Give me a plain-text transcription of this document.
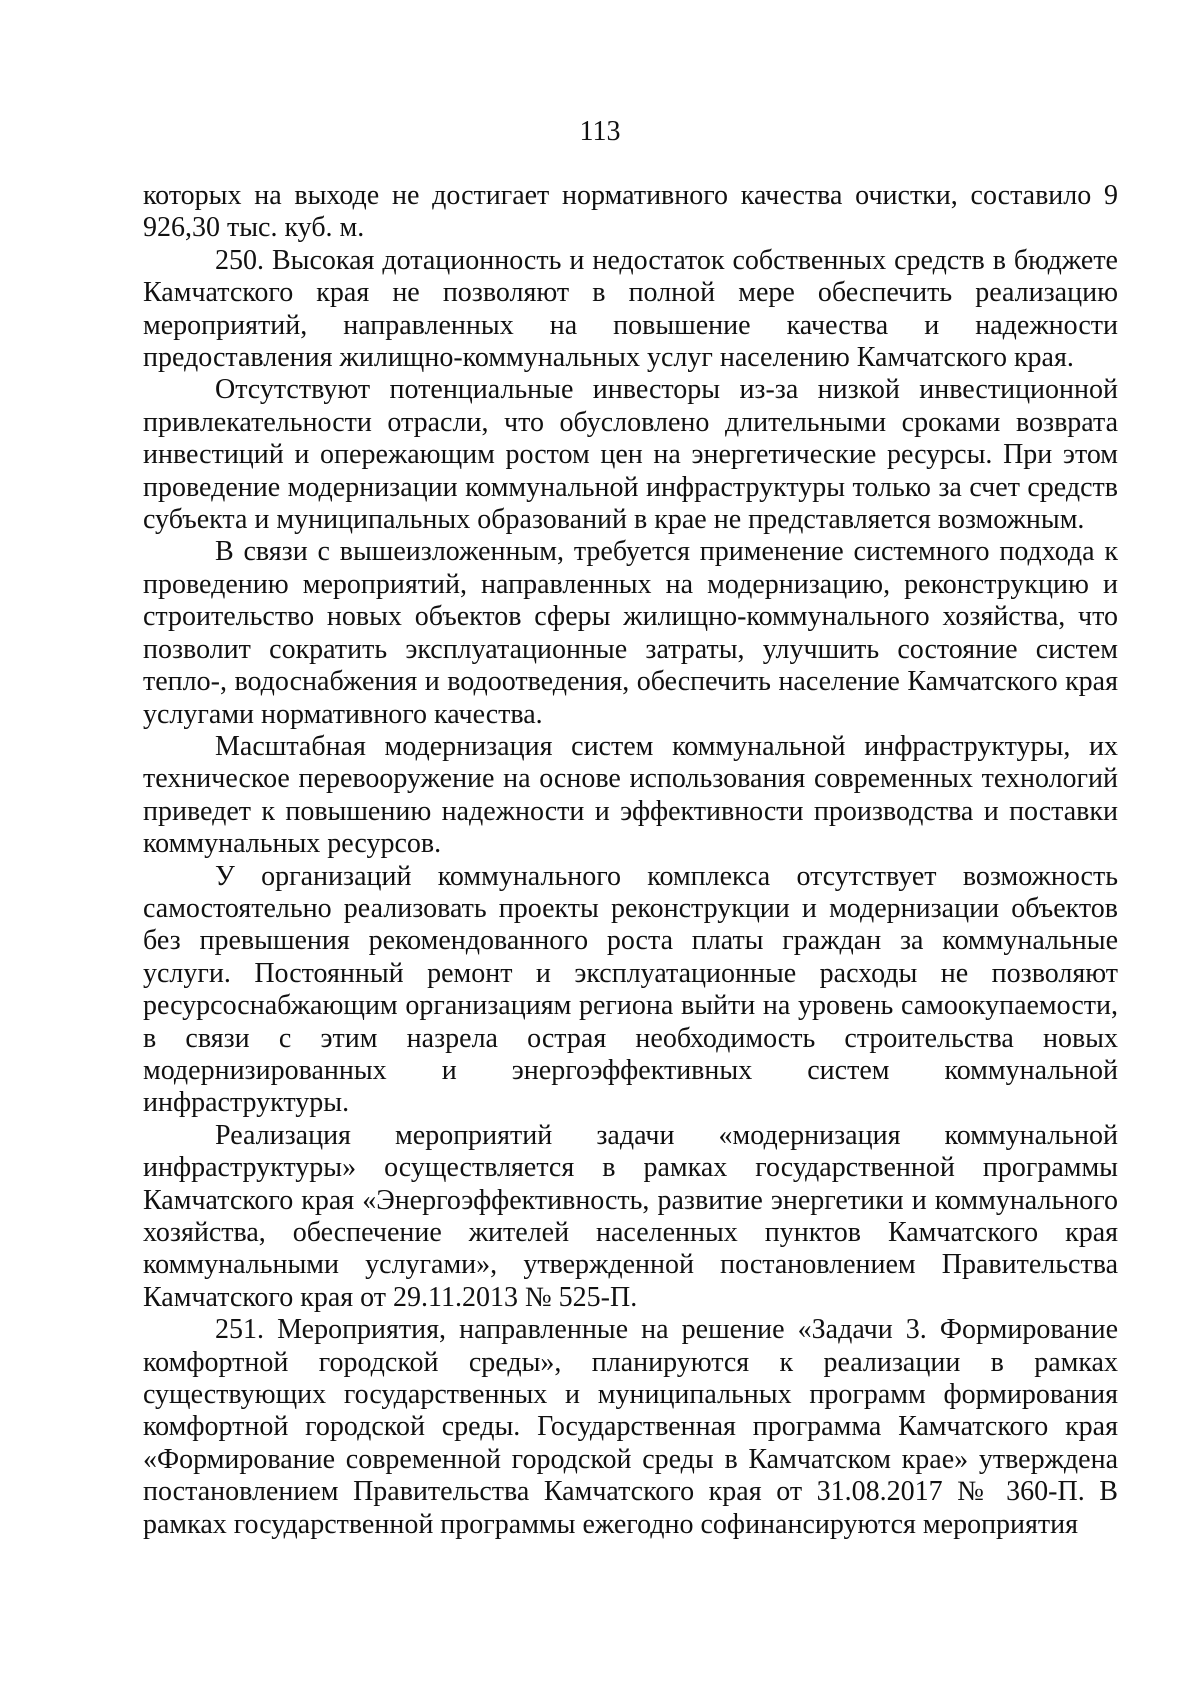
113

которых на выходе не достигает нормативного качества очистки, составило 9 926,30 тыс. куб. м.

250. Высокая дотационность и недостаток собственных средств в бюджете Камчатского края не позволяют в полной мере обеспечить реализацию мероприятий, направленных на повышение качества и надежности предоставления жилищно-коммунальных услуг населению Камчатского края.

Отсутствуют потенциальные инвесторы из-за низкой инвестиционной привлекательности отрасли, что обусловлено длительными сроками возврата инвестиций и опережающим ростом цен на энергетические ресурсы. При этом проведение модернизации коммунальной инфраструктуры только за счет средств субъекта и муниципальных образований в крае не представляется возможным.

В связи с вышеизложенным, требуется применение системного подхода к проведению мероприятий, направленных на модернизацию, реконструкцию и строительство новых объектов сферы жилищно-коммунального хозяйства, что позволит сократить эксплуатационные затраты, улучшить состояние систем тепло-, водоснабжения и водоотведения, обеспечить население Камчатского края услугами нормативного качества.

Масштабная модернизация систем коммунальной инфраструктуры, их техническое перевооружение на основе использования современных технологий приведет к повышению надежности и эффективности производства и поставки коммунальных ресурсов.

У организаций коммунального комплекса отсутствует возможность самостоятельно реализовать проекты реконструкции и модернизации объектов без превышения рекомендованного роста платы граждан за коммунальные услуги. Постоянный ремонт и эксплуатационные расходы не позволяют ресурсоснабжающим организациям региона выйти на уровень самоокупаемости, в связи с этим назрела острая необходимость строительства новых модернизированных и энергоэффективных систем коммунальной инфраструктуры.

Реализация мероприятий задачи «модернизация коммунальной инфраструктуры» осуществляется в рамках государственной программы Камчатского края «Энергоэффективность, развитие энергетики и коммунального хозяйства, обеспечение жителей населенных пунктов Камчатского края коммунальными услугами», утвержденной постановлением Правительства Камчатского края от 29.11.2013 № 525-П.

251. Мероприятия, направленные на решение «Задачи 3. Формирование комфортной городской среды», планируются к реализации в рамках существующих государственных и муниципальных программ формирования комфортной городской среды. Государственная программа Камчатского края «Формирование современной городской среды в Камчатском крае» утверждена постановлением Правительства Камчатского края от 31.08.2017 № 360-П. В рамках государственной программы ежегодно софинансируются мероприятия
